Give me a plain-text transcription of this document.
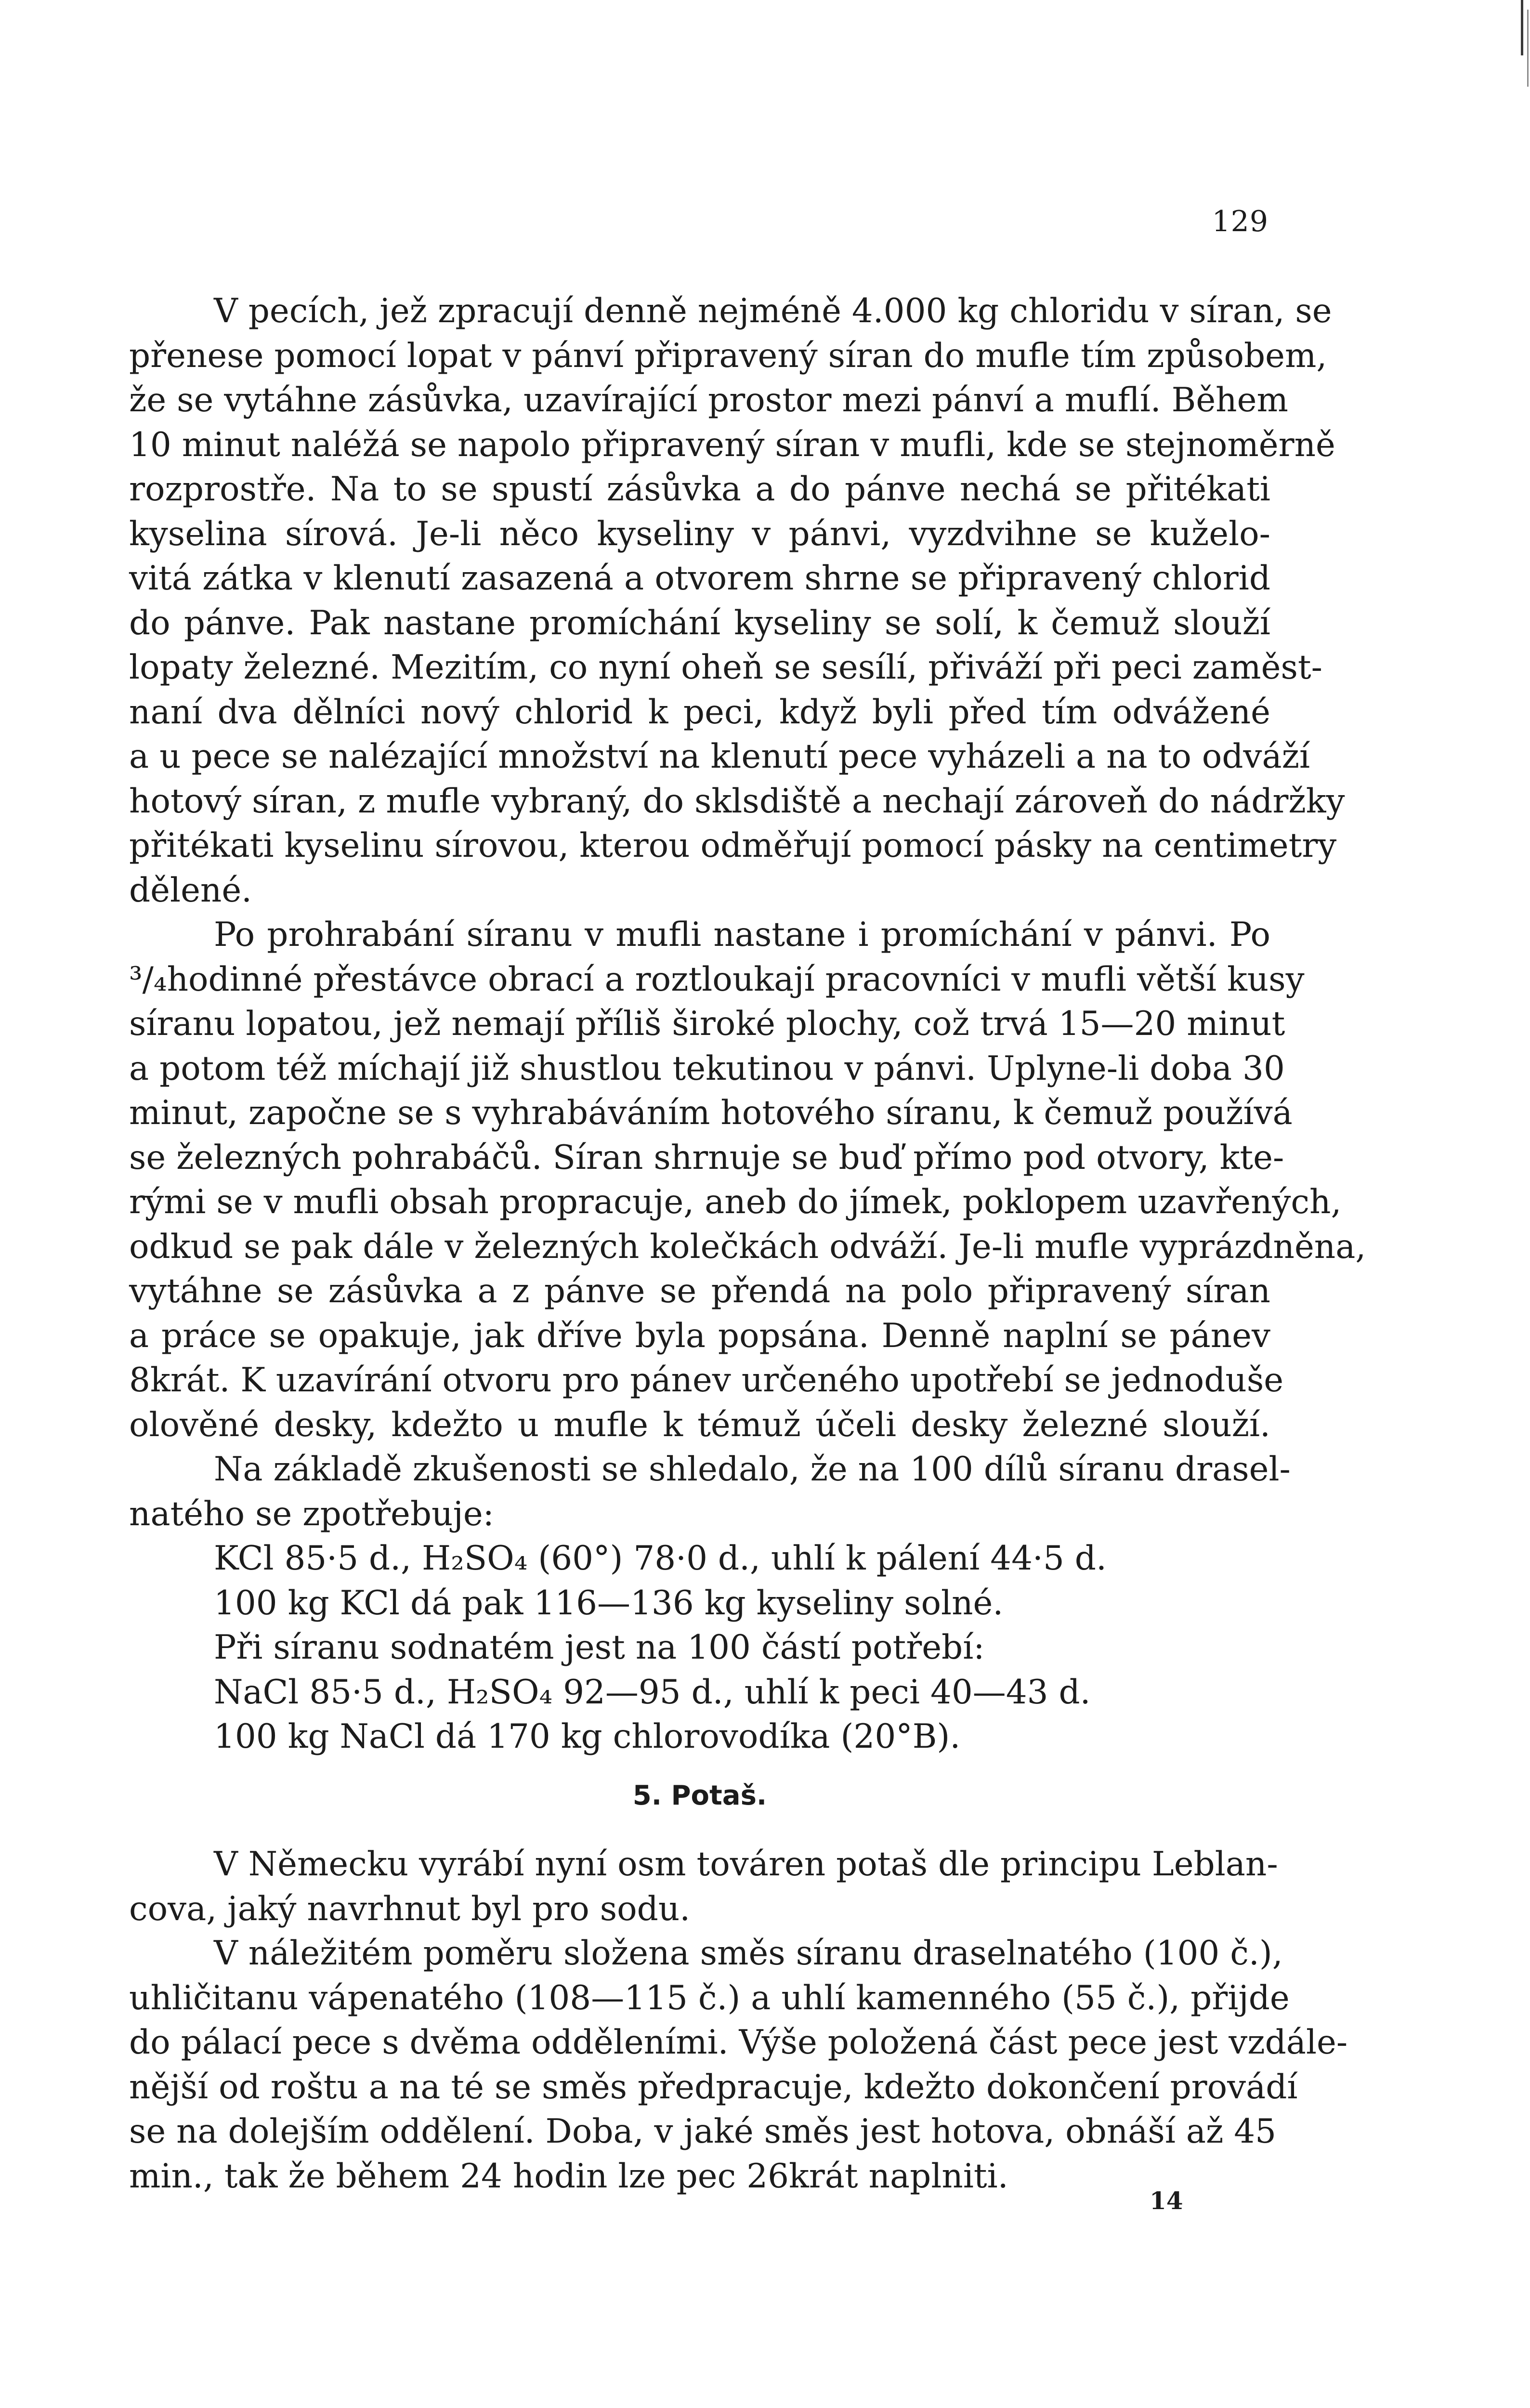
129
V pecích, jež zpracují denně nejméně 4.000 kg chloridu v síran, se
přenese pomocí lopat v pánví připravený síran do mufle tím způsobem,
že se vytáhne zásůvka, uzavírající prostor mezi pánví a muflí. Během
10 minut naléžá se napolo připravený síran v mufli, kde se stejnoměrně
rozprostře. Na to se spustí zásůvka a do pánve nechá se přitékati
kyselina sírová. Je-li něco kyseliny v pánvi, vyzdvihne se kuželo-
vitá zátka v klenutí zasazená a otvorem shrne se připravený chlorid
do pánve. Pak nastane promíchání kyseliny se solí, k čemuž slouží
lopaty železné. Mezitím, co nyní oheň se sesílí, přiváží při peci zaměst-
naní dva dělníci nový chlorid k peci, když byli před tím odvážené
a u pece se nalézající množství na klenutí pece vyházeli a na to odváží
hotový síran, z mufle vybraný, do sklsdiště a nechají zároveň do nádržky
přitékati kyselinu sírovou, kterou odměřují pomocí pásky na centimetry
dělené.
Po prohrabání síranu v mufli nastane i promíchání v pánvi. Po
³/₄hodinné přestávce obrací a roztloukají pracovníci v mufli větší kusy
síranu lopatou, jež nemají příliš široké plochy, což trvá 15—20 minut
a potom též míchají již shustlou tekutinou v pánvi. Uplyne-li doba 30
minut, započne se s vyhrabáváním hotového síranu, k čemuž používá
se železných pohrabáčů. Síran shrnuje se buď přímo pod otvory, kte-
rými se v mufli obsah propracuje, aneb do jímek, poklopem uzavřených,
odkud se pak dále v železných kolečkách odváží. Je-li mufle vyprázdněna,
vytáhne se zásůvka a z pánve se přendá na polo připravený síran
a práce se opakuje, jak dříve byla popsána. Denně naplní se pánev
8krát. K uzavírání otvoru pro pánev určeného upotřebí se jednoduše
olověné desky, kdežto u mufle k témuž účeli desky železné slouží.
Na základě zkušenosti se shledalo, že na 100 dílů síranu drasel-
natého se zpotřebuje:
KCl 85·5 d., H₂SO₄ (60°) 78·0 d., uhlí k pálení 44·5 d.
100 kg KCl dá pak 116—136 kg kyseliny solné.
Při síranu sodnatém jest na 100 částí potřebí:
NaCl 85·5 d., H₂SO₄ 92—95 d., uhlí k peci 40—43 d.
100 kg NaCl dá 170 kg chlorovodíka (20°B).
5. Potaš.
V Německu vyrábí nyní osm továren potaš dle principu Leblan-
cova, jaký navrhnut byl pro sodu.
V náležitém poměru složena směs síranu draselnatého (100 č.),
uhličitanu vápenatého (108—115 č.) a uhlí kamenného (55 č.), přijde
do pálací pece s dvěma odděleními. Výše položená část pece jest vzdále-
nější od roštu a na té se směs předpracuje, kdežto dokončení provádí
se na dolejším oddělení. Doba, v jaké směs jest hotova, obnáší až 45
min., tak že během 24 hodin lze pec 26krát naplniti.
14
